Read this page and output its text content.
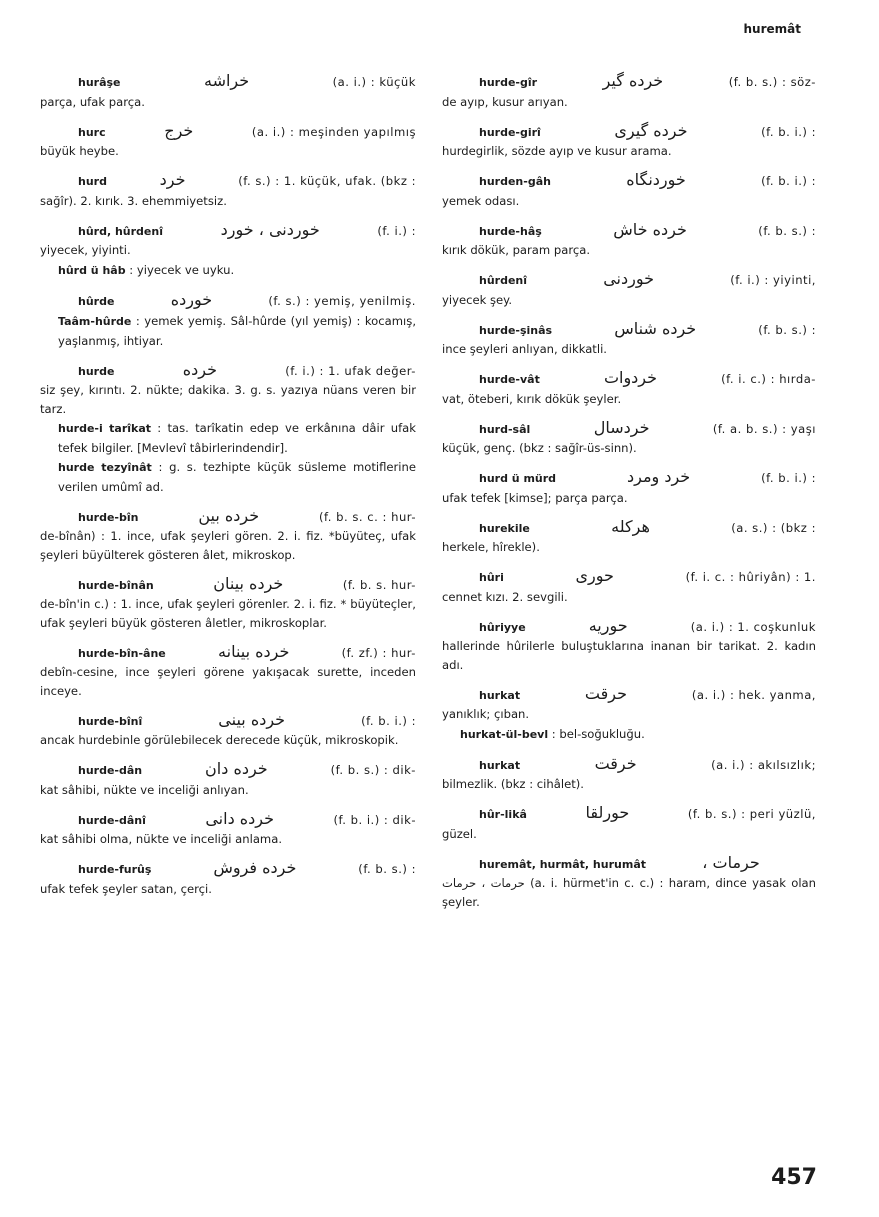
huremât
hurâşe	خراشه	(a. i.) : küçük
parça, ufak parça.
hurc	خرج	(a. i.) : meşinden yapılmış
büyük heybe.
hurd	خرد	(f. s.) : 1. küçük, ufak. (bkz :
sağîr). 2. kırık. 3. ehemmiyetsiz.
hûrd, hûrdenî	خوردنى ، خورد	(f. i.) :
yiyecek, yiyinti.
hûrd ü hâb : yiyecek ve uyku.
hûrde	خورده	(f. s.) : yemiş, yenilmiş.
Taâm-hûrde : yemek yemiş. Sâl-hûrde (yıl yemiş) : kocamış, yaşlanmış, ihtiyar.
hurde	خرده	(f. i.) : 1. ufak değer-
siz şey, kırıntı. 2. nükte; dakika. 3. g. s. yazıya nüans veren bir tarz.
hurde-i tarîkat : tas. tarîkatin edep ve erkânına dâir ufak tefek bilgiler. [Mevlevî tâbirlerindendir].
hurde tezyînât : g. s. tezhipte küçük süsleme motiflerine verilen umûmî ad.
hurde-bîn	خرده بين	(f. b. s. c. : hur-
de-bînân) : 1. ince, ufak şeyleri gören. 2. i. fiz. *büyüteç, ufak şeyleri büyülterek gösteren âlet, mikroskop.
hurde-bînân	خرده بينان	(f. b. s. hur-
de-bîn'in c.) : 1. ince, ufak şeyleri görenler. 2. i. fiz. * büyüteçler, ufak şeyleri büyük gösteren âletler, mikroskoplar.
hurde-bîn-âne	خرده بينانه	(f. zf.) : hur-
debîn-cesine, ince şeyleri görene yakışacak surette, inceden inceye.
hurde-bînî	خرده بينى	(f. b. i.) :
ancak hurdebinle görülebilecek derecede küçük, mikroskopik.
hurde-dân	خرده دان	(f. b. s.) : dik-
kat sâhibi, nükte ve inceliği anlıyan.
hurde-dânî	خرده دانى	(f. b. i.) : dik-
kat sâhibi olma, nükte ve inceliği anlama.
hurde-furûş	خرده فروش	(f. b. s.) :
ufak tefek şeyler satan, çerçi.
hurde-gîr	خرده گير	(f. b. s.) : söz-
de ayıp, kusur arıyan.
hurde-girî	خرده گيرى	(f. b. i.) :
hurdegirlik, sözde ayıp ve kusur arama.
hurden-gâh	خوردنگاه	(f. b. i.) :
yemek odası.
hurde-hâş	خرده خاش	(f. b. s.) :
kırık dökük, param parça.
hûrdenî	خوردنى	(f. i.) : yiyinti,
yiyecek şey.
hurde-şinâs	خرده شناس	(f. b. s.) :
ince şeyleri anlıyan, dikkatli.
hurde-vât	خردوات	(f. i. c.) : hırda-
vat, öteberi, kırık dökük şeyler.
hurd-sâl	خردسال	(f. a. b. s.) : yaşı
küçük, genç. (bkz : sağîr-üs-sinn).
hurd ü mürd	خرد ومرد	(f. b. i.) :
ufak tefek [kimse]; parça parça.
hurekile	هركله	(a. s.) : (bkz :
herkele, hîrekle).
hûri	حورى	(f. i. c. : hûriyân) : 1.
cennet kızı. 2. sevgili.
hûriyye	حوريه	(a. i.) : 1. coşkunluk
hallerinde hûrilerle buluştuklarına inanan bir tarikat. 2. kadın adı.
hurkat	حرقت	(a. i.) : hek. yanma,
yanıklık; çıban.
hurkat-ül-bevl : bel-soğukluğu.
hurkat	خرقت	(a. i.) : akılsızlık;
bilmezlik. (bkz : cihâlet).
hûr-likâ	حورلقا	(f. b. s.) : peri yüzlü,
güzel.
huremât, hurmât, hurumât	حرمات ،
حرمات ، حرمات (a. i. hürmet'in c. c.) : haram, dince yasak olan şeyler.
457
